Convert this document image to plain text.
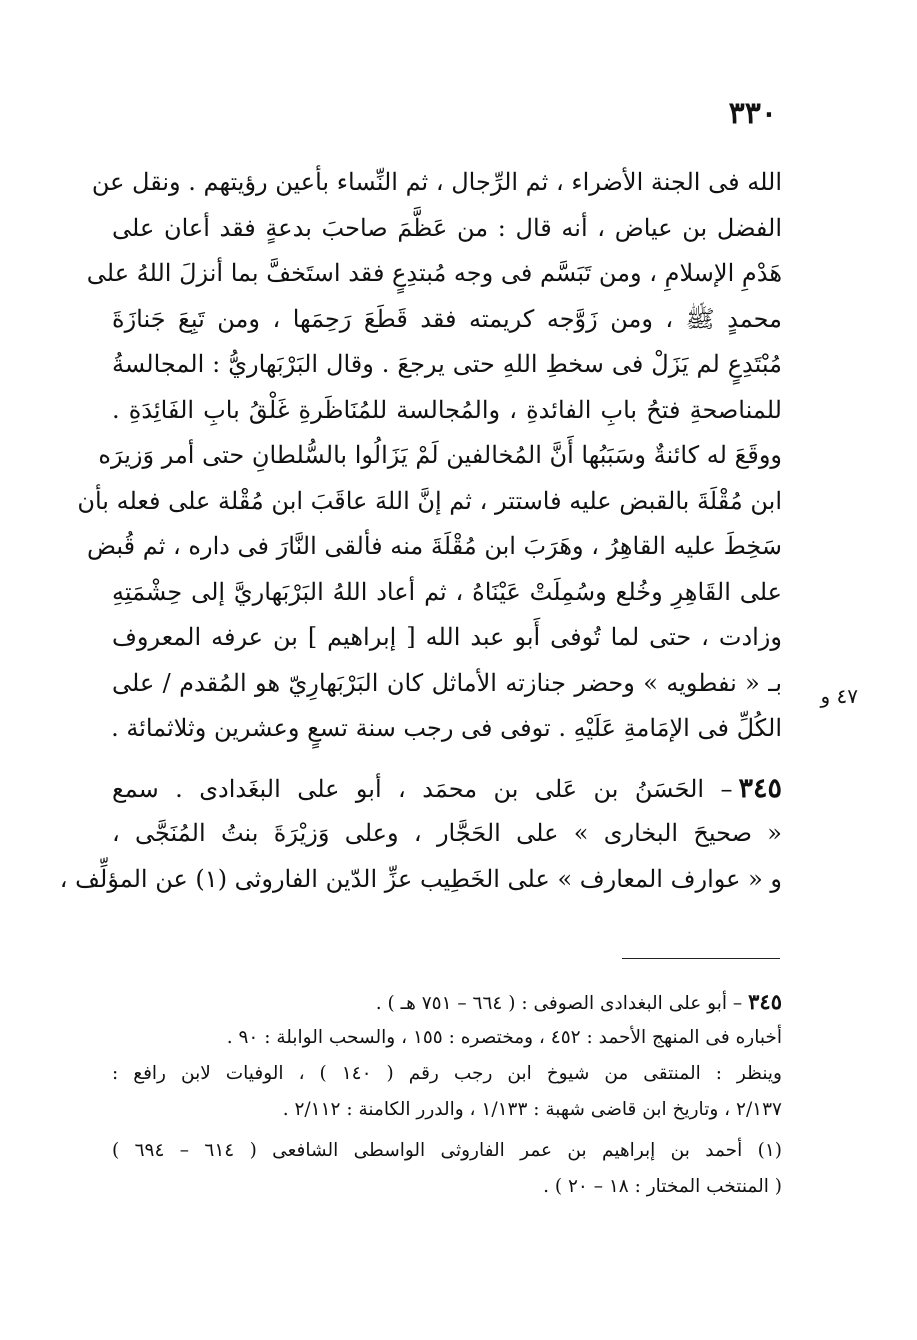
٣٣٠
الله فى الجنة الأضراء ، ثم الرِّجال ، ثم النِّساء بأعين رؤيتهم . ونقل عن
الفضل بن عياض ، أنه قال : من عَظَّمَ صاحبَ بدعةٍ فقد أعان على
هَدْمِ الإسلامِ ، ومن تَبَسَّم فى وجه مُبتدِعٍ فقد استَخفَّ بما أنزلَ اللهُ على
محمدٍ ﷺ ، ومن زَوَّجه كريمته فقد قَطَعَ رَحِمَها ، ومن تَبِعَ جَنازَةَ
مُبْتَدِعٍ لم يَزَلْ فى سخطِ اللهِ حتى يرجعَ . وقال البَرْبَهاريُّ : المجالسةُ
للمناصحةِ فتحُ بابِ الفائدةِ ، والمُجالسة للمُنَاظَرةِ غَلْقُ بابِ الفَائِدَةِ .
ووقَعَ له كائنةٌ وسَبَبُها أَنَّ المُخالفين لَمْ يَزَالُوا بالسُّلطانِ حتى أمر وَزيرَه
ابن مُقْلَةَ بالقبض عليه فاستتر ، ثم إنَّ اللهَ عاقَبَ ابن مُقْلة على فعله بأن
سَخِطَ عليه القاهِرُ ، وهَرَبَ ابن مُقْلَةَ منه فألقى النَّارَ فى داره ، ثم قُبض
على القَاهِرِ وخُلع وسُمِلَتْ عَيْنَاهُ ، ثم أعاد اللهُ البَرْبَهاريَّ إلى حِشْمَتِهِ
وزادت ، حتى لما تُوفى أَبو عبد الله [ إبراهيم ] بن عرفه المعروف
بـ « نفطويه » وحضر جنازته الأماثل كان البَرْبَهارِيّ هو المُقدم / على
الكُلِّ فى الإمَامةِ عَلَيْهِ . توفى فى رجب سنة تسعٍ وعشرين وثلاثمائة .
٣٤٥– الحَسَنُ بن عَلى بن محمَد ، أبو على البغَدادى . سمع
« صحيحَ البخارى » على الحَجَّار ، وعلى وَزيْرَةَ بنتُ المُنَجَّى ،
و « عوارف المعارف » على الخَطِيب عزِّ الدّين الفاروثى (١) عن المؤلِّف ،
٤٧ و
٣٤٥– أبو على البغدادى الصوفى : ( ٦٦٤ – ٧٥١ هـ ) .
أخباره فى المنهج الأحمد : ٤٥٢ ، ومختصره : ١٥٥ ، والسحب الوابلة : ٩٠ .
وينظر : المنتقى من شيوخ ابن رجب رقم ( ١٤٠ ) ، الوفيات لابن رافع :
٢/١٣٧ ، وتاريخ ابن قاضى شهبة : ١/١٣٣ ، والدرر الكامنة : ٢/١١٢ .
(١) أحمد بن إبراهيم بن عمر الفاروثى الواسطى الشافعى ( ٦١٤ – ٦٩٤ )
( المنتخب المختار : ١٨ – ٢٠ ) .
